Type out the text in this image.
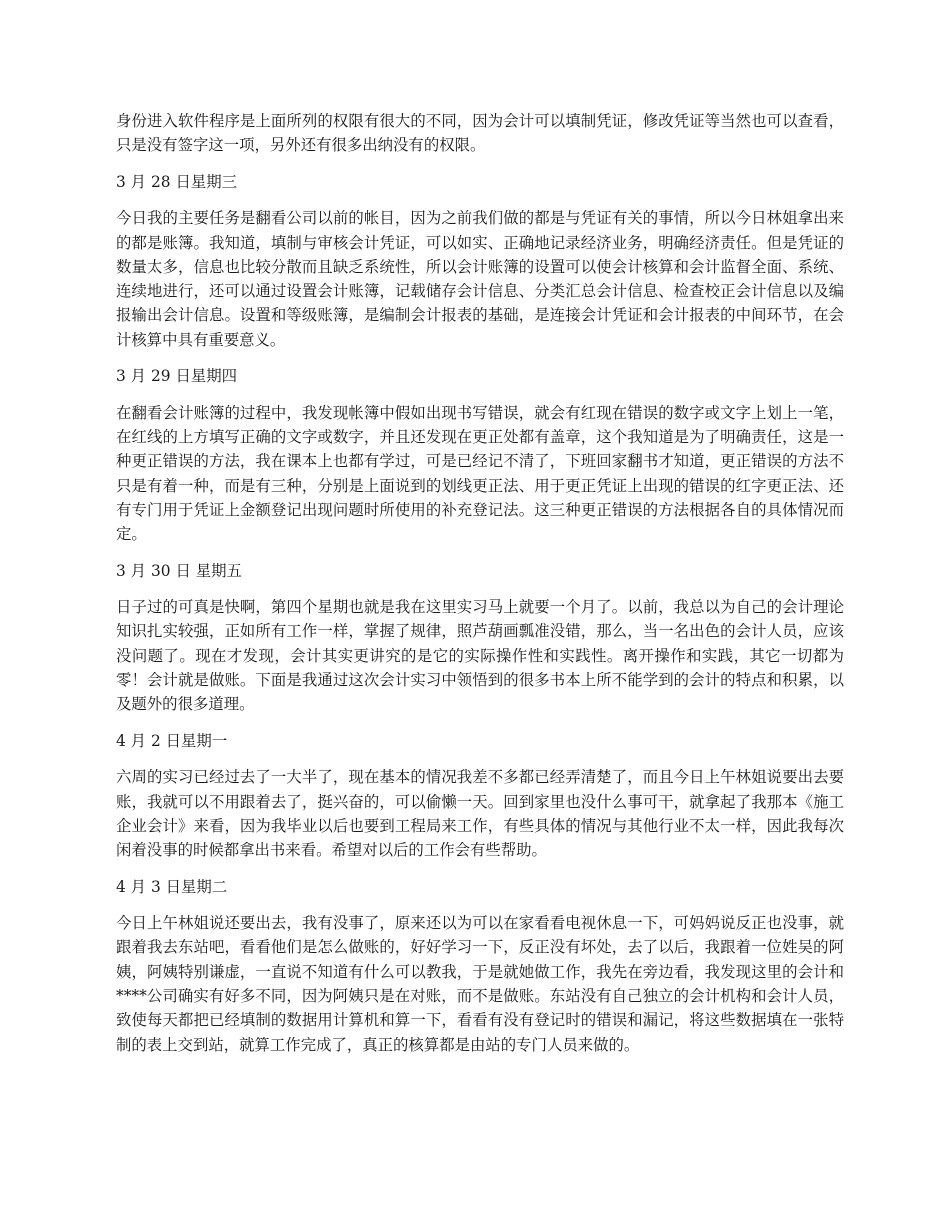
身份进入软件程序是上面所列的权限有很大的不同，因为会计可以填制凭证，修改凭证等当然也可以查看，只是没有签字这一项，另外还有很多出纳没有的权限。

3 月 28 日星期三

今日我的主要任务是翻看公司以前的帐目，因为之前我们做的都是与凭证有关的事情，所以今日林姐拿出来的都是账簿。我知道，填制与审核会计凭证，可以如实、正确地记录经济业务，明确经济责任。但是凭证的数量太多，信息也比较分散而且缺乏系统性，所以会计账簿的设置可以使会计核算和会计监督全面、系统、连续地进行，还可以通过设置会计账簿，记载储存会计信息、分类汇总会计信息、检查校正会计信息以及编报输出会计信息。设置和等级账簿，是编制会计报表的基础，是连接会计凭证和会计报表的中间环节，在会计核算中具有重要意义。

3 月 29 日星期四

在翻看会计账簿的过程中，我发现帐簿中假如出现书写错误，就会有红现在错误的数字或文字上划上一笔，在红线的上方填写正确的文字或数字，并且还发现在更正处都有盖章，这个我知道是为了明确责任，这是一种更正错误的方法，我在课本上也都有学过，可是已经记不清了，下班回家翻书才知道，更正错误的方法不只是有着一种，而是有三种，分别是上面说到的划线更正法、用于更正凭证上出现的错误的红字更正法、还有专门用于凭证上金额登记出现问题时所使用的补充登记法。这三种更正错误的方法根据各自的具体情况而定。

3 月 30 日 星期五

日子过的可真是快啊，第四个星期也就是我在这里实习马上就要一个月了。以前，我总以为自己的会计理论知识扎实较强，正如所有工作一样，掌握了规律，照芦葫画瓢准没错，那么，当一名出色的会计人员，应该没问题了。现在才发现，会计其实更讲究的是它的实际操作性和实践性。离开操作和实践，其它一切都为零！会计就是做账。下面是我通过这次会计实习中领悟到的很多书本上所不能学到的会计的特点和积累，以及题外的很多道理。

4 月 2 日星期一

六周的实习已经过去了一大半了，现在基本的情况我差不多都已经弄清楚了，而且今日上午林姐说要出去要账，我就可以不用跟着去了，挺兴奋的，可以偷懒一天。回到家里也没什么事可干，就拿起了我那本《施工企业会计》来看，因为我毕业以后也要到工程局来工作，有些具体的情况与其他行业不太一样，因此我每次闲着没事的时候都拿出书来看。希望对以后的工作会有些帮助。

4 月 3 日星期二

今日上午林姐说还要出去，我有没事了，原来还以为可以在家看看电视休息一下，可妈妈说反正也没事，就跟着我去东站吧，看看他们是怎么做账的，好好学习一下，反正没有坏处，去了以后，我跟着一位姓吴的阿姨，阿姨特别谦虚，一直说不知道有什么可以教我，于是就她做工作，我先在旁边看，我发现这里的会计和****公司确实有好多不同，因为阿姨只是在对账，而不是做账。东站没有自己独立的会计机构和会计人员，致使每天都把已经填制的数据用计算机和算一下，看看有没有登记时的错误和漏记，将这些数据填在一张特制的表上交到站，就算工作完成了，真正的核算都是由站的专门人员来做的。
